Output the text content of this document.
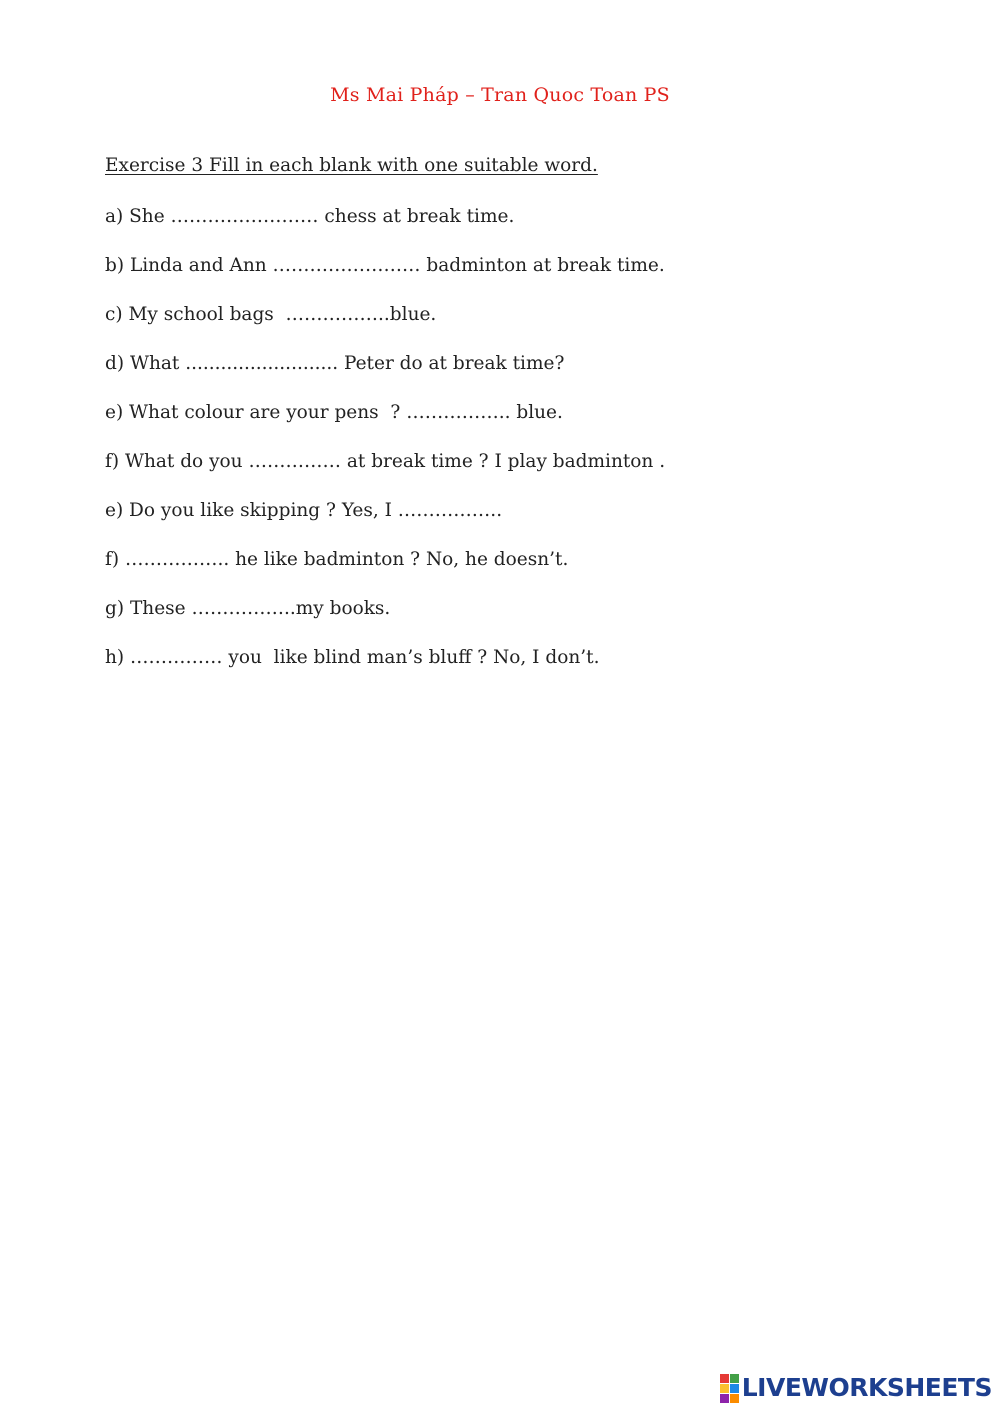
Ms Mai Pháp – Tran Quoc Toan PS
Exercise 3 Fill in each blank with one suitable word.
a) She …………………… chess at break time.
b) Linda and Ann …………………… badminton at break time.
c) My school bags  ……………..blue.
d) What .......................... Peter do at break time?
e) What colour are your pens  ? …………….. blue.
f) What do you …………… at break time ? I play badminton .
e) Do you like skipping ? Yes, I ……………..
f) …………….. he like badminton ? No, he doesn’t.
g) These ……………..my books.
h) …………… you  like blind man’s bluff ? No, I don’t.
LIVEWORKSHEETS
